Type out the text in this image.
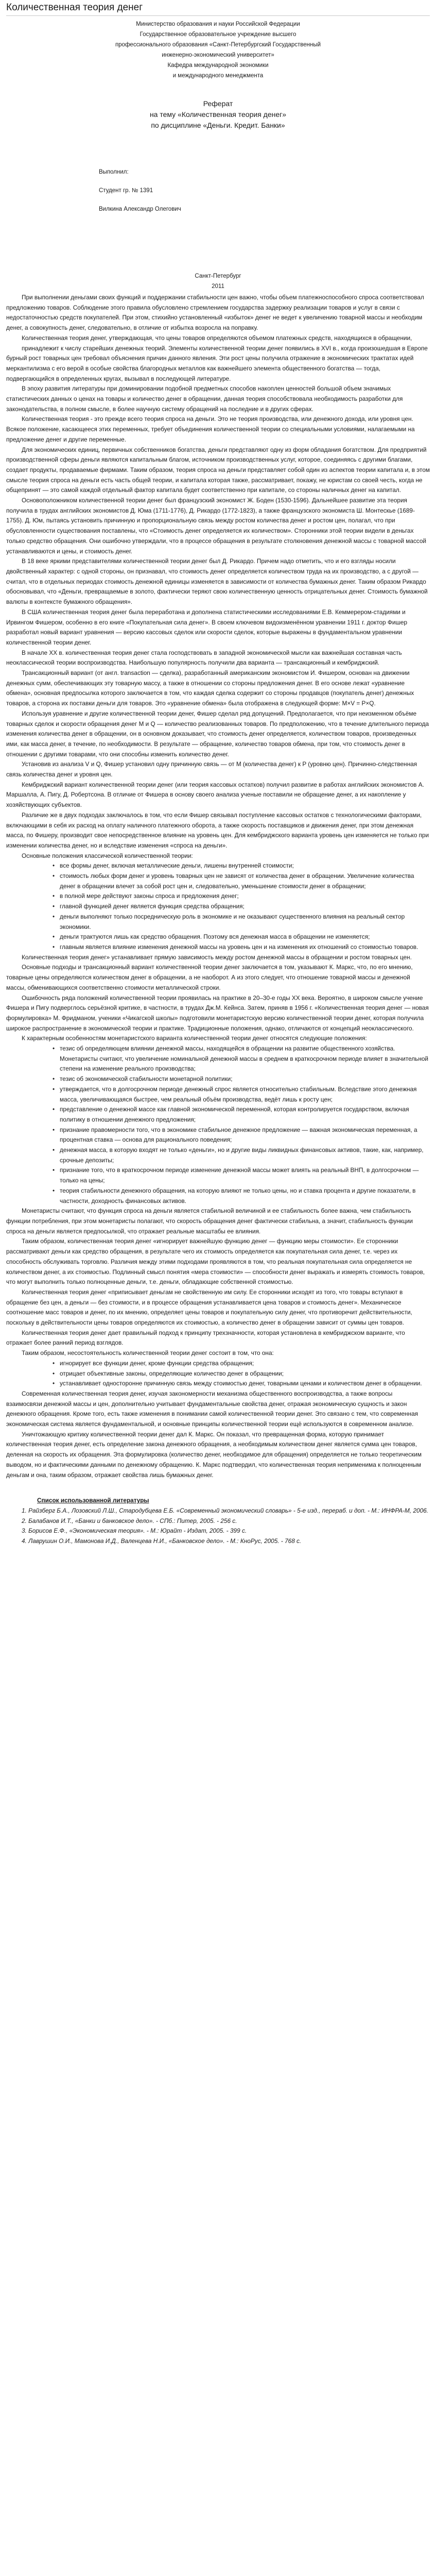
Количественная теория денег

Министерство образования и науки Российской Федерации

Государственное образовательное учреждение высшего

профессионального образования «Санкт-Петербургский Государственный

инженерно-экономический университет»

Кафедра международной экономики

и международного менеджмента

Реферат

на тему «Количественная теория денег»

по дисциплине «Деньги. Кредит. Банки»

Выполнил:

Студент гр. № 1391

Вилкина Александр Олегович

Санкт-Петербург

2011

При выполнении деньгами своих функций и поддержании стабильности цен важно, чтобы объем платежноспособного спроса соответствовал предложению товаров. Соблюдение этого правила обусловлено стремлением государства задержку реализации товаров и услуг в связи с недостаточностью средств покупателей. При этом, стихийно установленный «избыток» денег не ведет к увеличению товарной массы и необходим денег, а совокупность денег, следовательно, в отличие от избытка возросла на поправку.

Количественная теория денег, утверждающая, что цены товаров определяются объемом платежных средств, находящихся в обращении,

принадлежит к числу старейших денежных теорий. Элементы количественной теории денег появились в XVI в., когда произошедшая в Европе бурный рост товарных цен требовал объяснения причин данного явления. Эти рост цены получила отражение в экономических трактатах идей меркантилизма с его верой в особые свойства благородных металлов как важнейшего элемента общественного богатства — тогда, подвергающийся в определенных кругах, вызывал в последующей литературе.

В эпоху развития литературы при доминировании подобной предметных способов накоплен ценностей большой объем значимых статистических данных о ценах на товары и количество денег в обращении, данная теория способствовала необходимость разработки для законодательства, в полном смысле, в более научную систему обращений на последние и в других сферах.

Количественная теория - это прежде всего теория спроса на деньги. Это не теория производства, или денежного дохода, или уровня цен. Всякое положение, касающееся этих переменных, требует объединения количественной теории со специальными условиями, налагаемыми на предложение денег и другие переменные.

Для экономических единиц, первичных собственников богатства, деньги представляют одну из форм обладания богатством. Для предприятий производственной сферы деньги являются капитальным благом, источником производственных услуг, которое, соединяясь с другими благами, создает продукты, продаваемые фирмами. Таким образом, теория спроса на деньги представляет собой один из аспектов теории капитала и, в этом смысле теория спроса на деньги есть часть общей теории, и капитала которая также, рассматривает, покажу, не юристам со своей честь, когда не общепринят — это самой каждой отдельный фактор капитала будет соответственно при капитале, со стороны наличных денег на капитал.

Основоположником количественной теории денег был французский экономист Ж. Боден (1530-1596). Дальнейшее развитие эта теория получила в трудах английских экономистов Д. Юма (1711-1776), Д. Рикардо (1772-1823), а также французского экономиста Ш. Монтескье (1689-1755). Д. Юм, пытаясь установить причинную и пропорциональную связь между ростом количества денег и ростом цен, полагал, что при обусловленности существования поставлены, что «Стоимость денег определяется их количеством». Сторонники этой теории видели в деньгах только средство обращения. Они ошибочно утверждали, что в процессе обращения в результате столкновения денежной массы с товарной массой устанавливаются и цены, и стоимость денег.

В 18 веке яркими представителями количественной теории денег был Д. Рикардо. Причем надо отметить, что и его взгляды носили двойственный характер: с одной стороны, он признавал, что стоимость денег определяется количеством труда на их производство, а с другой — считал, что в отдельных периодах стоимость денежной единицы изменяется в зависимости от количества бумажных денег. Таким образом Рикардо обосновывал, что «Деньги, превращаемые в золото, фактически теряют свою количественную ценность отрицательных денег. Стоимость бумажной валюты в контексте бумажного обращения».

В США количественная теория денег была переработана и дополнена статистическими исследованиями Е.В. Кеммерером-стадиями и Ирвингом Фишером, особенно в его книге «Покупательная сила денег». В своем ключевом видоизменённом уравнении 1911 г. доктор Фишер разработал новый вариант уравнения — версию кассовых сделок или скорости сделок, которые выражены в фундаментальном уравнении количественной теории денег.

В начале XX в. количественная теория денег стала господствовать в западной экономической мысли как важнейшая составная часть неоклассической теории воспроизводства. Наибольшую популярность получили два варианта — трансакционный и кембриджский.

Трансакционный вариант (от англ. transaction — сделка), разработанный американским экономистом И. Фишером, основан на движении денежных сумм, обеспечивающих эту товарную массу, а также в отношении со стороны предложения денег. В его основе лежат «уравнение обмена», основная предпосылка которого заключается в том, что каждая сделка содержит со стороны продавцов (покупатель денег) денежных товаров, а сторона их поставки деньги для товаров. Это «уравнение обмена» была отображена в следующей форме: M×V = P×Q.

Используя уравнение и другие количественной теории денег, Фишер сделал ряд допущений. Предполагается, что при неизменном объёме товарных сделок и скорости обращения денег М и Q — количество реализованных товаров. По предположению, что в течение длительного периода изменения количества денег в обращении, он в основном доказывает, что стоимость денег определяется, количеством товаров, произведенных ими, как масса денег, в течение, по необходимости. В результате — обращение, количество товаров обмена, при том, что стоимость денег в отношении с другими товарами, что они способны изменить количество денег.

Установив из анализа V и Q, Фишер установил одну причинную связь — от M (количества денег) к P (уровню цен). Причинно-следственная связь количества денег и уровня цен.

Кембриджский вариант количественной теории денег (или теория кассовых остатков) получил развитие в работах английских экономистов А. Маршалла, А. Пигу, Д. Робертсона. В отличие от Фишера в основу своего анализа ученые поставили не обращение денег, а их накопление у хозяйствующих субъектов.

Различие же в двух подходах заключалось в том, что если Фишер связывал поступление кассовых остатков с технологическими факторами, включающими в себя их расход на оплату наличного платежного оборота, а также скорость поставщиков и движения денег, при этом денежная масса, по Фишеру, производит свое непосредственное влияние на уровень цен. Для кембриджского варианта уровень цен изменяется не только при изменении количества денег, но и вследствие изменения «спроса на деньги».

Основные положения классической количественной теории:

• все формы денег, включая металлические деньги, лишены внутренней стоимости;
• стоимость любых форм денег и уровень товарных цен не зависят от количества денег в обращении. Увеличение количества денег в обращении влечет за собой рост цен и, следовательно, уменьшение стоимости денег в обращении;
• в полной мере действуют законы спроса и предложения денег;
• главной функцией денег является функция средства обращения;
• деньги выполняют только посредническую роль в экономике и не оказывают существенного влияния на реальный сектор экономики.
• деньги трактуются лишь как средство обращения. Поэтому вся денежная масса в обращении не изменяется;
• главным является влияние изменения денежной массы на уровень цен и на изменения их отношений со стоимостью товаров.

Количественная теория денег» устанавливает прямую зависимость между ростом денежной массы в обращении и ростом товарных цен.

Основные подходы и трансакционный вариант количественной теории денег заключается в том, указывают К. Маркс, что, по его мнению, товарные цены определяются количеством денег в обращении, а не наоборот. А из этого следует, что отношение товарной массы и денежной массы, обменивающихся соответственно стоимости металлической строки.

Ошибочность ряда положений количественной теории проявилась на практике в 20–30-е годы XX века. Вероятно, в широком смысле учение Фишера и Пигу подверглось серьёзной критике, в частности, в трудах Дж.М. Кейнса. Затем, приняв в 1956 г. «Количественная теория денег — новая формулировка» М. Фридманом, ученики «Чикагской школы» подготовили монетаристскую версию количественной теории денег, которая получила широкое распространение в экономической теории и практике. Традиционные положения, однако, отличаются от концепций неоклассического.

К характерным особенностям монетаристского варианта количественной теории денег относятся следующие положения:

• тезис об определяющем влиянии денежной массы, находящейся в обращении на развитие общественного хозяйства. Монетаристы считают, что увеличение номинальной денежной массы в среднем в краткосрочном периоде влияет в значительной степени на изменение реального производства;
• тезис об экономической стабильности монетарной политики;
• утверждается, что в долгосрочном периоде денежный спрос является относительно стабильным. Вследствие этого денежная масса, увеличивающаяся быстрее, чем реальный объём производства, ведёт лишь к росту цен;
• представление о денежной массе как главной экономической переменной, которая контролируется государством, включая политику в отношении денежного предложения;
• признание правомерности того, что в экономике стабильное денежное предложение — важная экономическая переменная, а процентная ставка — основа для рационального поведения;
• денежная масса, в которую входят не только «деньги», но и другие виды ликвидных финансовых активов, такие, как, например, срочные депозиты;
• признание того, что в краткосрочном периоде изменение денежной массы может влиять на реальный ВНП, в долгосрочном — только на цены;
• теория стабильности денежного обращения, на которую влияют не только цены, но и ставка процента и другие показатели, в частности, доходность финансовых активов.

Монетаристы считают, что функция спроса на деньги является стабильной величиной и ее стабильность более важна, чем стабильность функции потребления, при этом монетаристы полагают, что скорость обращения денег фактически стабильна, а значит, стабильность функции спроса на деньги является предпосылкой, что отражает реальные масштабы ее влияния.

Таким образом, количественная теория денег «игнорирует важнейшую функцию денег — функцию меры стоимости». Ее сторонники рассматривают деньги как средство обращения, в результате чего их стоимость определяется как покупательная сила денег, т.е. через их способность обслуживать торговлю. Различия между этими подходами проявляются в том, что реальная покупательная сила определяется не количеством денег, а их стоимостью. Подлинный смысл понятия «мера стоимости» — способности денег выражать и измерять стоимость товаров, что могут выполнить только полноценные деньги, т.е. деньги, обладающие собственной стоимостью.

Количественная теория денег «приписывает деньгам не свойственную им силу. Ее сторонники исходят из того, что товары вступают в обращение без цен, а деньги — без стоимости, и в процессе обращения устанавливается цена товаров и стоимость денег». Механическое соотношение масс товаров и денег, по их мнению, определяет цены товаров и покупательную силу денег, что противоречит действительности, поскольку в действительности цены товаров определяются их стоимостью, а количество денег в обращении зависит от суммы цен товаров.

Количественная теория денег дает правильный подход к принципу трехзначности, которая установлена в кембриджском варианте, что отражает более ранний период взглядов.

Таким образом, несостоятельность количественной теории денег состоит в том, что она:

• игнорирует все функции денег, кроме функции средства обращения;
• отрицает объективные законы, определяющие количество денег в обращении;
• устанавливает односторонне причинную связь между стоимостью денег, товарными ценами и количеством денег в обращении.

Современная количественная теория денег, изучая закономерности механизма общественного воспроизводства, а также вопросы взаимосвязи денежной массы и цен, дополнительно учитывает фундаментальные свойства денег, отражая экономическую сущность и закон денежного обращения. Кроме того, есть также изменения в понимании самой количественной теории денег. Это связано с тем, что современная экономическая система является фундаментальной, и основные принципы количественной теории ещё используются в современном анализе.

Уничтожающую критику количественной теории денег дал К. Маркс. Он показал, что превращенная форма, которую принимает количественная теория денег, есть определение закона денежного обращения, а необходимым количеством денег является сумма цен товаров, деленная на скорость их обращения. Эта формулировка (количество денег, необходимое для обращения) определяется не только теоретическим выводом, но и фактическими данными по денежному обращению. К. Маркс подтвердил, что количественная теория неприменима к полноценным деньгам и она, таким образом, отражает свойства лишь бумажных денег.

Список использованной литературы

1. Райзберг Б.А., Лозовский Л.Ш., Стародубцева Е.Б. «Современный экономический словарь» - 5-е изд., перераб. и доп. - М.: ИНФРА-М, 2006.

2. Балабанов И.Т., «Банки и банковское дело». - СПб.: Питер, 2005. - 256 с.

3. Борисов Е.Ф., «Экономическая теория». - М.: Юрайт - Издат, 2005. - 399 с.

4. Лаврушин О.И., Мамонова И.Д., Валенцева Н.И., «Банковское дело». - М.: КноРус, 2005. - 768 с.
